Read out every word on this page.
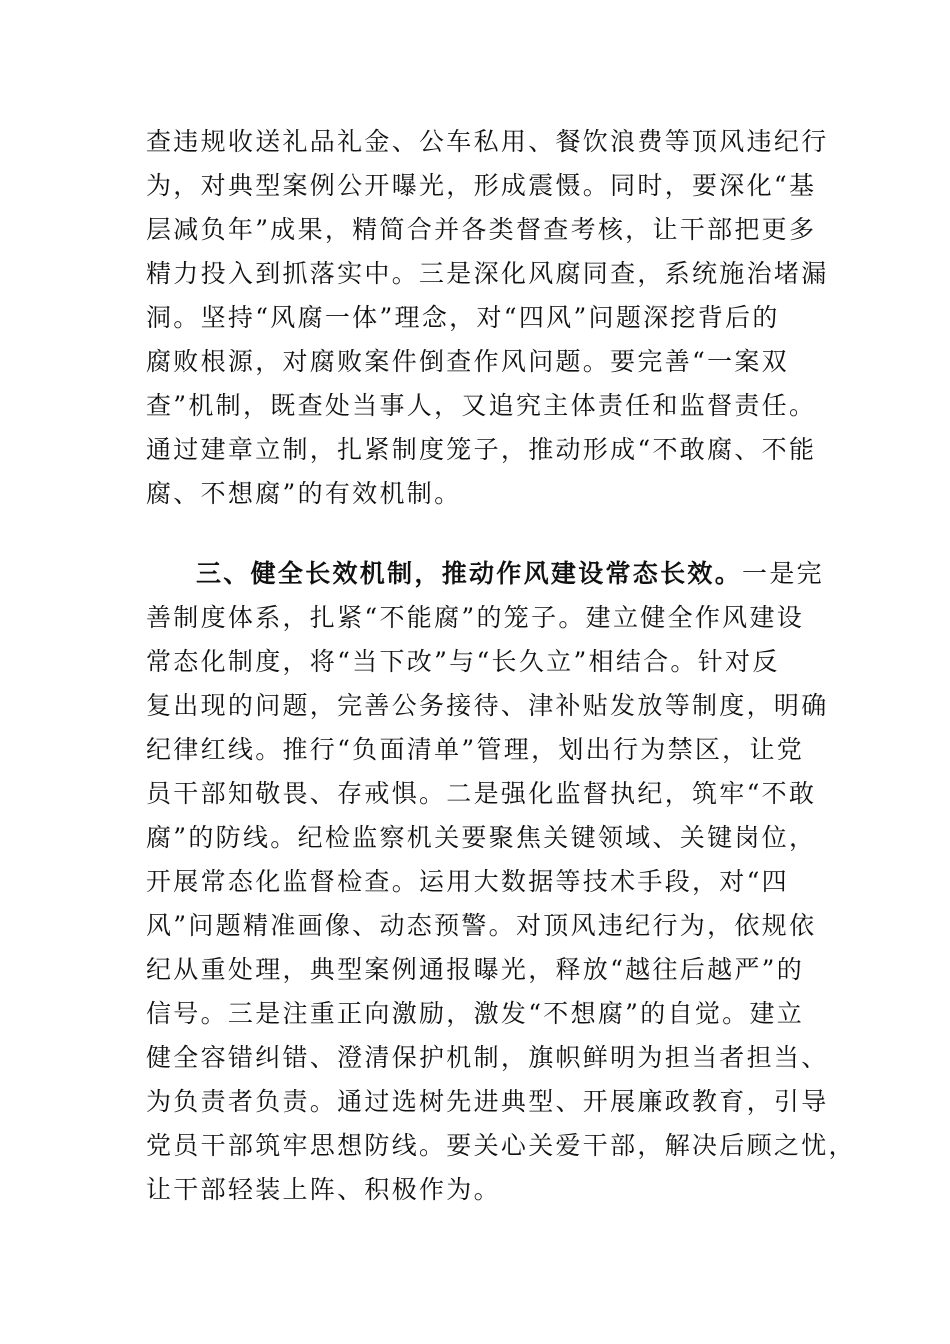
查违规收送礼品礼金、公车私用、餐饮浪费等顶风违纪行
为，对典型案例公开曝光，形成震慑。同时，要深化“基
层减负年”成果，精简合并各类督查考核，让干部把更多
精力投入到抓落实中。三是深化风腐同查，系统施治堵漏
洞。坚持“风腐一体”理念，对“四风”问题深挖背后的
腐败根源，对腐败案件倒查作风问题。要完善“一案双
查”机制，既查处当事人，又追究主体责任和监督责任。
通过建章立制，扎紧制度笼子，推动形成“不敢腐、不能
腐、不想腐”的有效机制。
三、健全长效机制，推动作风建设常态长效。一是完
善制度体系，扎紧“不能腐”的笼子。建立健全作风建设
常态化制度，将“当下改”与“长久立”相结合。针对反
复出现的问题，完善公务接待、津补贴发放等制度，明确
纪律红线。推行“负面清单”管理，划出行为禁区，让党
员干部知敬畏、存戒惧。二是强化监督执纪，筑牢“不敢
腐”的防线。纪检监察机关要聚焦关键领域、关键岗位，
开展常态化监督检查。运用大数据等技术手段，对“四
风”问题精准画像、动态预警。对顶风违纪行为，依规依
纪从重处理，典型案例通报曝光，释放“越往后越严”的
信号。三是注重正向激励，激发“不想腐”的自觉。建立
健全容错纠错、澄清保护机制，旗帜鲜明为担当者担当、
为负责者负责。通过选树先进典型、开展廉政教育，引导
党员干部筑牢思想防线。要关心关爱干部，解决后顾之忧，
让干部轻装上阵、积极作为。
